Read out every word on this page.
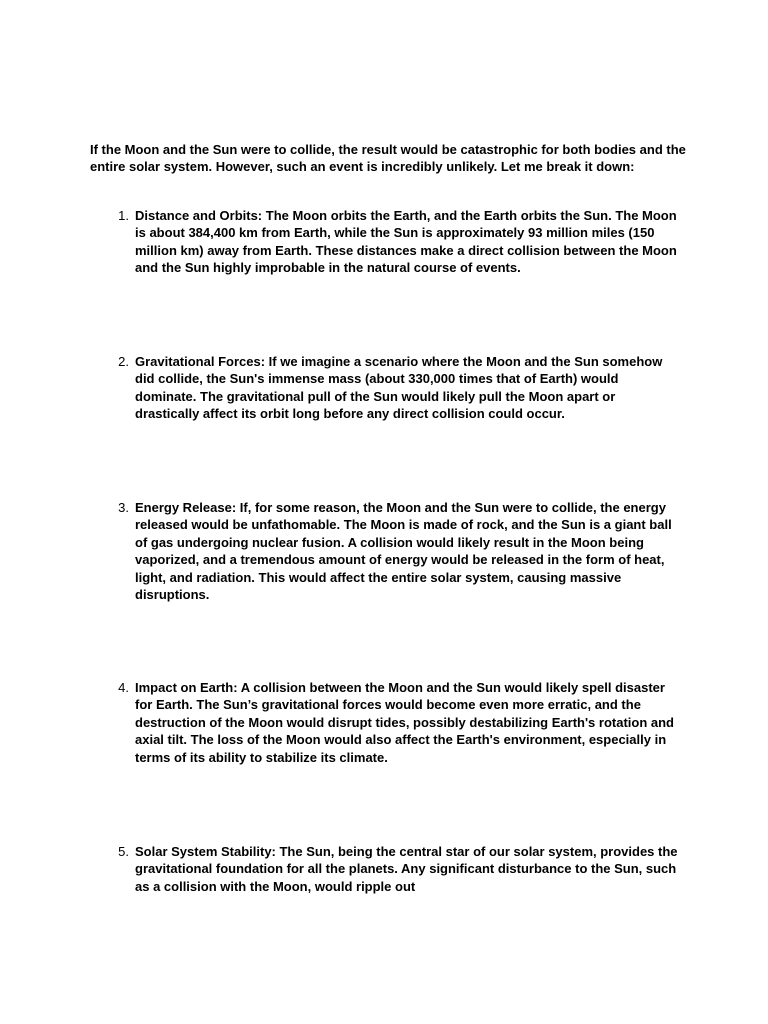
If the Moon and the Sun were to collide, the result would be catastrophic for both bodies and the entire solar system. However, such an event is incredibly unlikely. Let me break it down:

1. Distance and Orbits: The Moon orbits the Earth, and the Earth orbits the Sun. The Moon is about 384,400 km from Earth, while the Sun is approximately 93 million miles (150 million km) away from Earth. These distances make a direct collision between the Moon and the Sun highly improbable in the natural course of events.
2. Gravitational Forces: If we imagine a scenario where the Moon and the Sun somehow did collide, the Sun's immense mass (about 330,000 times that of Earth) would dominate. The gravitational pull of the Sun would likely pull the Moon apart or drastically affect its orbit long before any direct collision could occur.
3. Energy Release: If, for some reason, the Moon and the Sun were to collide, the energy released would be unfathomable. The Moon is made of rock, and the Sun is a giant ball of gas undergoing nuclear fusion. A collision would likely result in the Moon being vaporized, and a tremendous amount of energy would be released in the form of heat, light, and radiation. This would affect the entire solar system, causing massive disruptions.
4. Impact on Earth: A collision between the Moon and the Sun would likely spell disaster for Earth. The Sun’s gravitational forces would become even more erratic, and the destruction of the Moon would disrupt tides, possibly destabilizing Earth's rotation and axial tilt. The loss of the Moon would also affect the Earth's environment, especially in terms of its ability to stabilize its climate.
5. Solar System Stability: The Sun, being the central star of our solar system, provides the gravitational foundation for all the planets. Any significant disturbance to the Sun, such as a collision with the Moon, would ripple out
